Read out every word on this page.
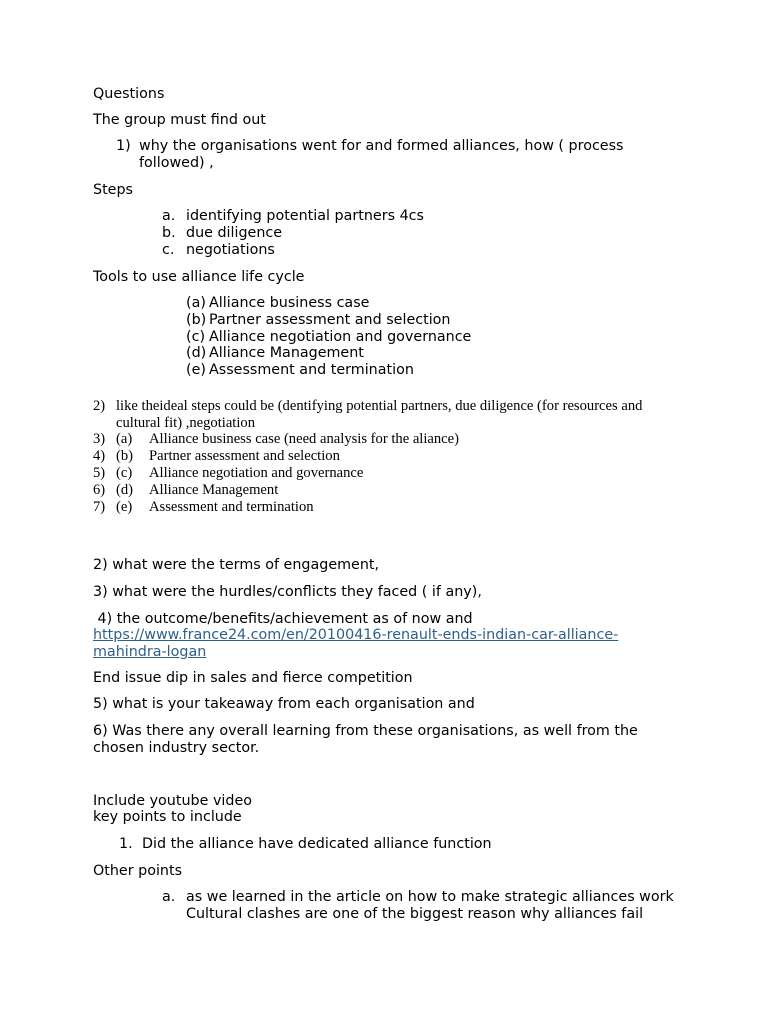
Questions
The group must find out
1) why the organisations went for and formed alliances, how ( process
followed) ,
Steps
a. identifying potential partners 4cs
b. due diligence
c. negotiations
Tools to use alliance life cycle
(a) Alliance business case
(b) Partner assessment and selection
(c) Alliance negotiation and governance
(d) Alliance Management
(e) Assessment and termination
2) like theideal steps could be (dentifying potential partners, due diligence (for resources and
cultural fit) ,negotiation
3) (a) Alliance business case (need analysis for the aliance)
4) (b) Partner assessment and selection
5) (c) Alliance negotiation and governance
6) (d) Alliance Management
7) (e) Assessment and termination
2) what were the terms of engagement,
3) what were the hurdles/conflicts they faced ( if any),
4) the outcome/benefits/achievement as of now and
https://www.france24.com/en/20100416-renault-ends-indian-car-alliance-
mahindra-logan
End issue dip in sales and fierce competition
5) what is your takeaway from each organisation and
6) Was there any overall learning from these organisations, as well from the
chosen industry sector.
Include youtube video
key points to include
1. Did the alliance have dedicated alliance function
Other points
a. as we learned in the article on how to make strategic alliances work
Cultural clashes are one of the biggest reason why alliances fail
